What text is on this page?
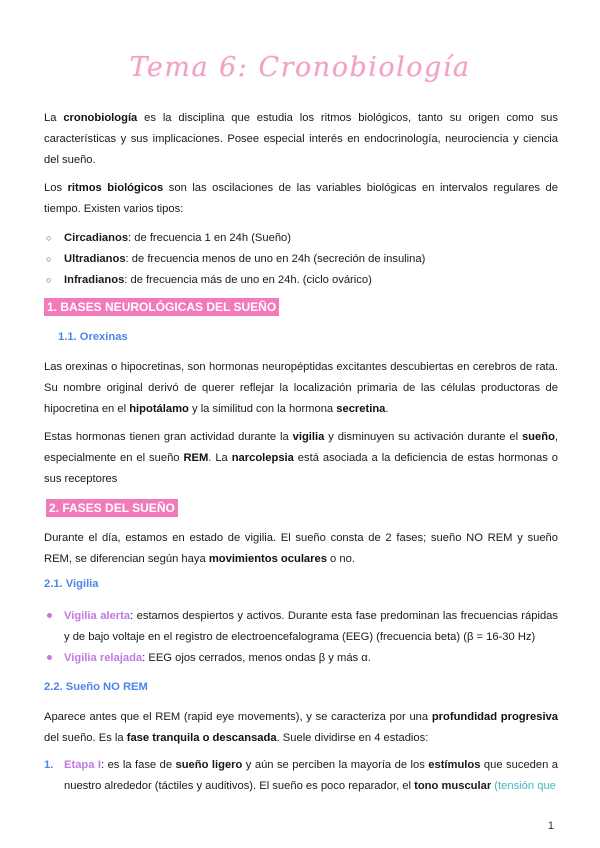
Tema 6: Cronobiología

La cronobiología es la disciplina que estudia los ritmos biológicos, tanto su origen como sus características y sus implicaciones. Posee especial interés en endocrinología, neurociencia y ciencia del sueño.

Los ritmos biológicos son las oscilaciones de las variables biológicas en intervalos regulares de tiempo. Existen varios tipos:

○ Circadianos: de frecuencia 1 en 24h (Sueño)
○ Ultradianos: de frecuencia menos de uno en 24h (secreción de insulina)
○ Infradianos: de frecuencia más de uno en 24h. (ciclo ovárico)
1. BASES NEUROLÓGICAS DEL SUEÑO
1.1. Orexinas

Las orexinas o hipocretinas, son hormonas neuropéptidas excitantes descubiertas en cerebros de rata. Su nombre original derivó de querer reflejar la localización primaria de las células productoras de hipocretina en el hipotálamo y la similitud con la hormona secretina.

Estas hormonas tienen gran actividad durante la vigilia y disminuyen su activación durante el sueño, especialmente en el sueño REM. La narcolepsia está asociada a la deficiencia de estas hormonas o sus receptores

2. FASES DEL SUEÑO

Durante el día, estamos en estado de vigilia. El sueño consta de 2 fases; sueño NO REM y sueño REM, se diferencian según haya movimientos oculares o no.

2.1. Vigilia
Vigilia alerta: estamos despiertos y activos. Durante esta fase predominan las frecuencias rápidas y de bajo voltaje en el registro de electroencefalograma (EEG) (frecuencia beta) (β = 16-30 Hz)
Vigilia relajada: EEG ojos cerrados, menos ondas β y más α.
2.2. Sueño NO REM

Aparece antes que el REM (rapid eye movements), y se caracteriza por una profundidad progresiva del sueño. Es la fase tranquila o descansada. Suele dividirse en 4 estadios:

1. Etapa I: es la fase de sueño ligero y aún se perciben la mayoría de los estímulos que suceden a nuestro alrededor (táctiles y auditivos). El sueño es poco reparador, el tono muscular (tensión que
1
